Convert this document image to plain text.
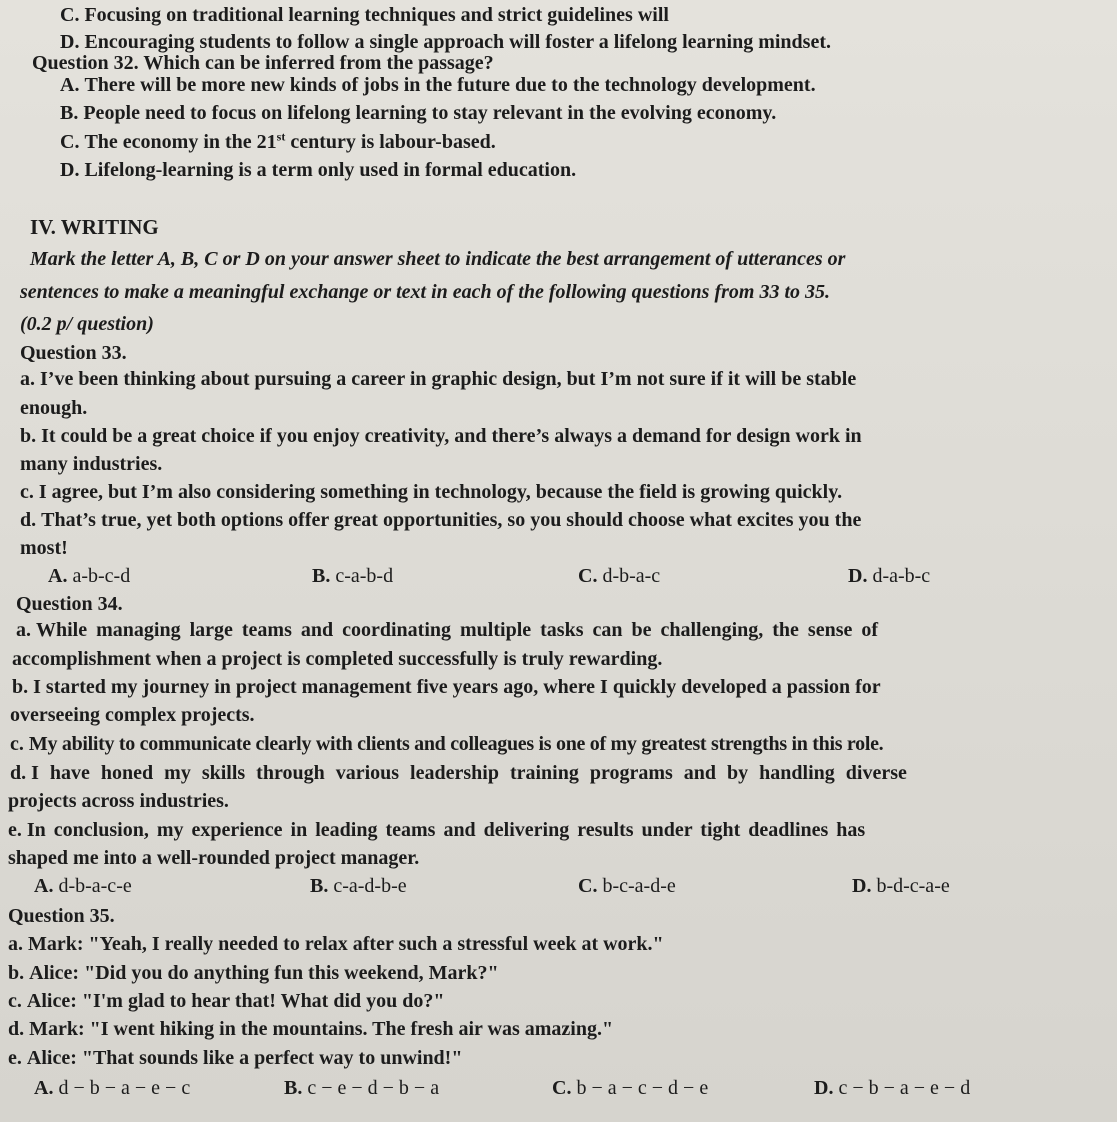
C. Focusing on traditional learning techniques and strict guidelines will
D. Encouraging students to follow a single approach will foster a lifelong learning mindset.
Question 32. Which can be inferred from the passage?
A. There will be more new kinds of jobs in the future due to the technology development.
B. People need to focus on lifelong learning to stay relevant in the evolving economy.
C. The economy in the 21st century is labour-based.
D. Lifelong-learning is a term only used in formal education.
IV. WRITING
Mark the letter A, B, C or D on your answer sheet to indicate the best arrangement of utterances or
sentences to make a meaningful exchange or text in each of the following questions from 33 to 35.
(0.2 p/ question)
Question 33.
a. I’ve been thinking about pursuing a career in graphic design, but I’m not sure if it will be stable
enough.
b. It could be a great choice if you enjoy creativity, and there’s always a demand for design work in
many industries.
c. I agree, but I’m also considering something in technology, because the field is growing quickly.
d. That’s true, yet both options offer great opportunities, so you should choose what excites you the
most!
A. a-b-c-d	B. c-a-b-d	C. d-b-a-c	D. d-a-b-c
Question 34.
a. While managing large teams and coordinating multiple tasks can be challenging, the sense of
accomplishment when a project is completed successfully is truly rewarding.
b. I started my journey in project management five years ago, where I quickly developed a passion for
overseeing complex projects.
c. My ability to communicate clearly with clients and colleagues is one of my greatest strengths in this role.
d. I have honed my skills through various leadership training programs and by handling diverse
projects across industries.
e. In conclusion, my experience in leading teams and delivering results under tight deadlines has
shaped me into a well-rounded project manager.
A. d-b-a-c-e	B. c-a-d-b-e	C. b-c-a-d-e	D. b-d-c-a-e
Question 35.
a. Mark: "Yeah, I really needed to relax after such a stressful week at work."
b. Alice: "Did you do anything fun this weekend, Mark?"
c. Alice: "I'm glad to hear that! What did you do?"
d. Mark: "I went hiking in the mountains. The fresh air was amazing."
e. Alice: "That sounds like a perfect way to unwind!"
A. d − b − a − e − c	B. c − e − d − b − a	C. b − a − c − d − e	D. c − b − a − e − d
